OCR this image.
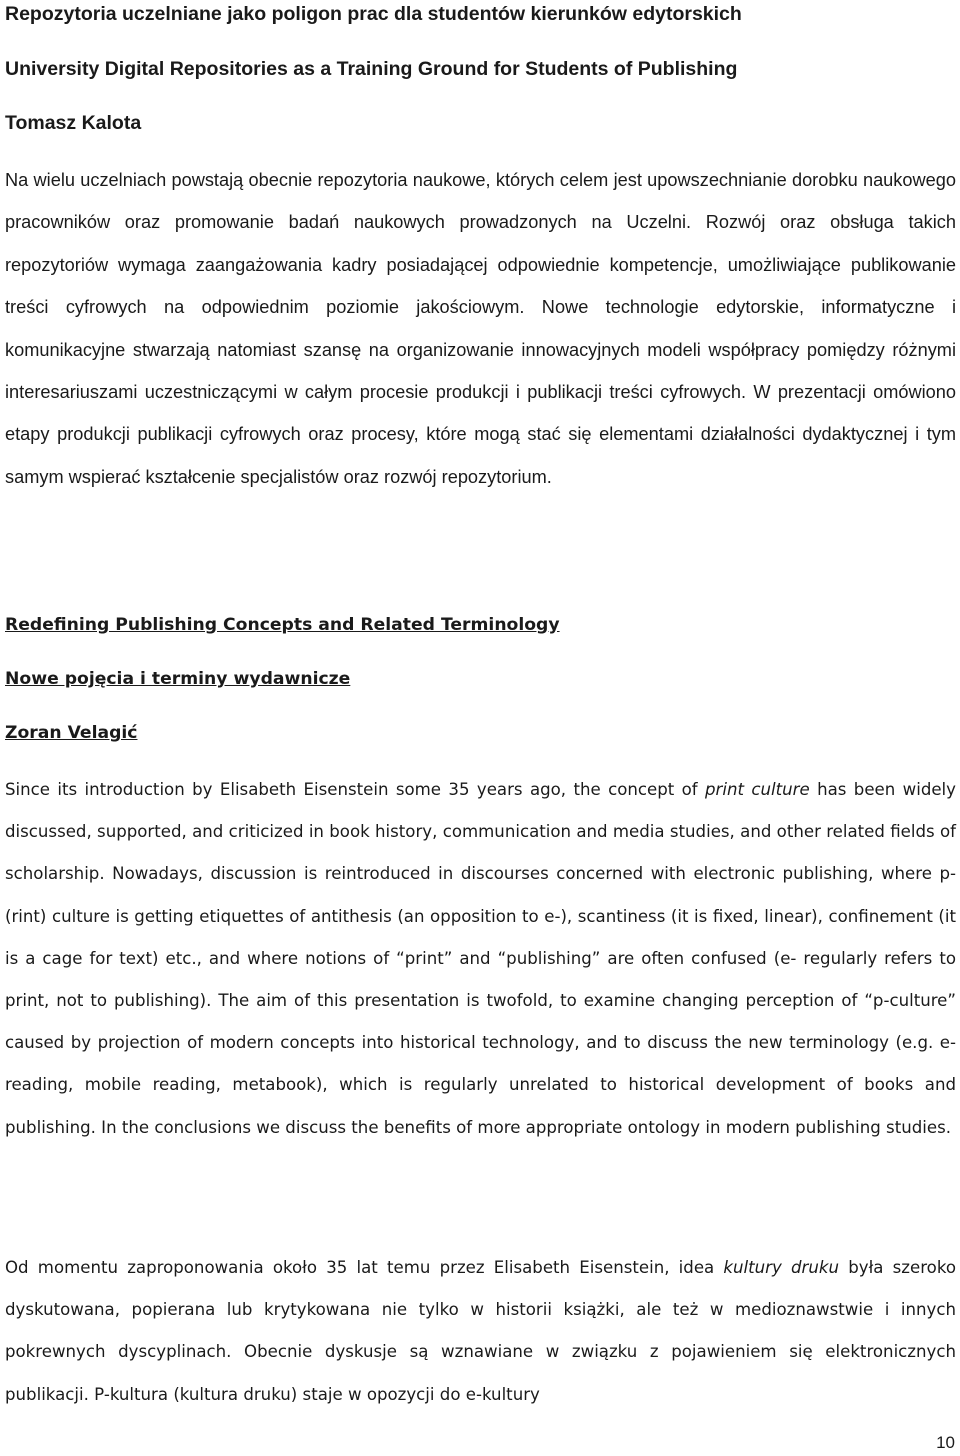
Repozytoria uczelniane jako poligon prac dla studentów kierunków edytorskich
University Digital Repositories as a Training Ground for Students of Publishing
Tomasz Kalota

Na wielu uczelniach powstają obecnie repozytoria naukowe, których celem jest upowszechnianie dorobku naukowego pracowników oraz promowanie badań naukowych prowadzonych na Uczelni. Rozwój oraz obsługa takich repozytoriów wymaga zaangażowania kadry posiadającej odpowiednie kompetencje, umożliwiające publikowanie treści cyfrowych na odpowiednim poziomie jakościowym. Nowe technologie edytorskie, informatyczne i komunikacyjne stwarzają natomiast szansę na organizowanie innowacyjnych modeli współpracy pomiędzy różnymi interesariuszami uczestniczącymi w całym procesie produkcji i publikacji treści cyfrowych. W prezentacji omówiono etapy produkcji publikacji cyfrowych oraz procesy, które mogą stać się elementami działalności dydaktycznej i tym samym wspierać kształcenie specjalistów oraz rozwój repozytorium.

Redefining Publishing Concepts and Related Terminology
Nowe pojęcia i terminy wydawnicze
Zoran Velagić

Since its introduction by Elisabeth Eisenstein some 35 years ago, the concept of print culture has been widely discussed, supported, and criticized in book history, communication and media studies, and other related fields of scholarship. Nowadays, discussion is reintroduced in discourses concerned with electronic publishing, where p-(rint) culture is getting etiquettes of antithesis (an opposition to e-), scantiness (it is fixed, linear), confinement (it is a cage for text) etc., and where notions of “print” and “publishing” are often confused (e- regularly refers to print, not to publishing). The aim of this presentation is twofold, to examine changing perception of “p-culture” caused by projection of modern concepts into historical technology, and to discuss the new terminology (e.g. e-reading, mobile reading, metabook), which is regularly unrelated to historical development of books and publishing. In the conclusions we discuss the benefits of more appropriate ontology in modern publishing studies.

Od momentu zaproponowania około 35 lat temu przez Elisabeth Eisenstein, idea kultury druku była szeroko dyskutowana, popierana lub krytykowana nie tylko w historii książki, ale też w medioznawstwie i innych pokrewnych dyscyplinach. Obecnie dyskusje są wznawiane w związku z pojawieniem się elektronicznych publikacji. P-kultura (kultura druku) staje w opozycji do e-kultury

10
